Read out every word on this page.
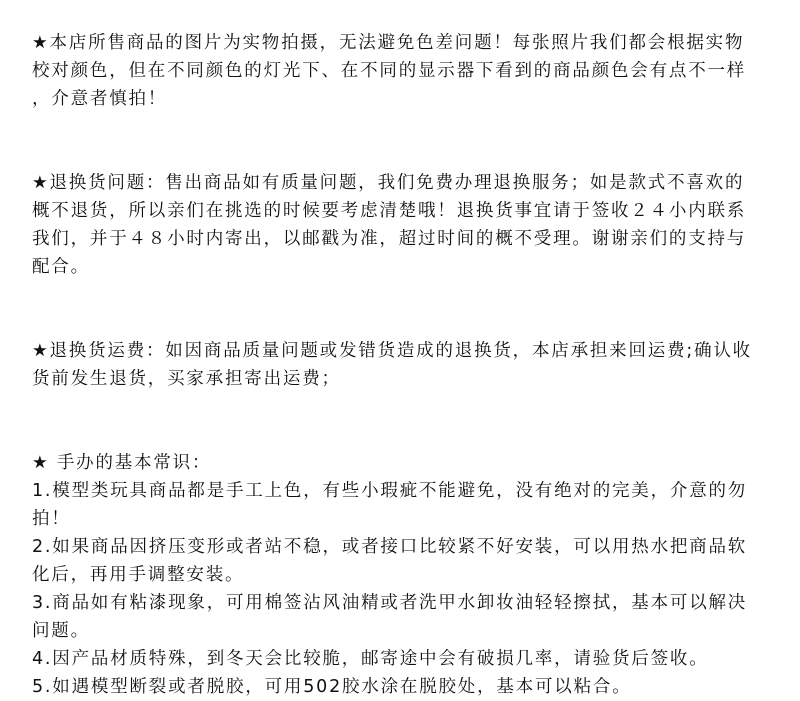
★本店所售商品的图片为实物拍摄，无法避免色差问题！每张照片我们都会根据实物
校对颜色，但在不同颜色的灯光下、在不同的显示器下看到的商品颜色会有点不一样
，介意者慎拍！
★退换货问题：售出商品如有质量问题，我们免费办理退换服务；如是款式不喜欢的
概不退货，所以亲们在挑选的时候要考虑清楚哦！退换货事宜请于签收２４小内联系
我们，并于４８小时内寄出，以邮戳为准，超过时间的概不受理。谢谢亲们的支持与
配合。
★退换货运费：如因商品质量问题或发错货造成的退换货，本店承担来回运费;确认收
货前发生退货，买家承担寄出运费；
★ 手办的基本常识：
1.模型类玩具商品都是手工上色，有些小瑕疵不能避免，没有绝对的完美，介意的勿
拍！
2.如果商品因挤压变形或者站不稳，或者接口比较紧不好安装，可以用热水把商品软
化后，再用手调整安装。
3.商品如有粘漆现象，可用棉签沾风油精或者洗甲水卸妆油轻轻擦拭，基本可以解决
问题。
4.因产品材质特殊，到冬天会比较脆，邮寄途中会有破损几率，请验货后签收。
5.如遇模型断裂或者脱胶，可用502胶水涂在脱胶处，基本可以粘合。
